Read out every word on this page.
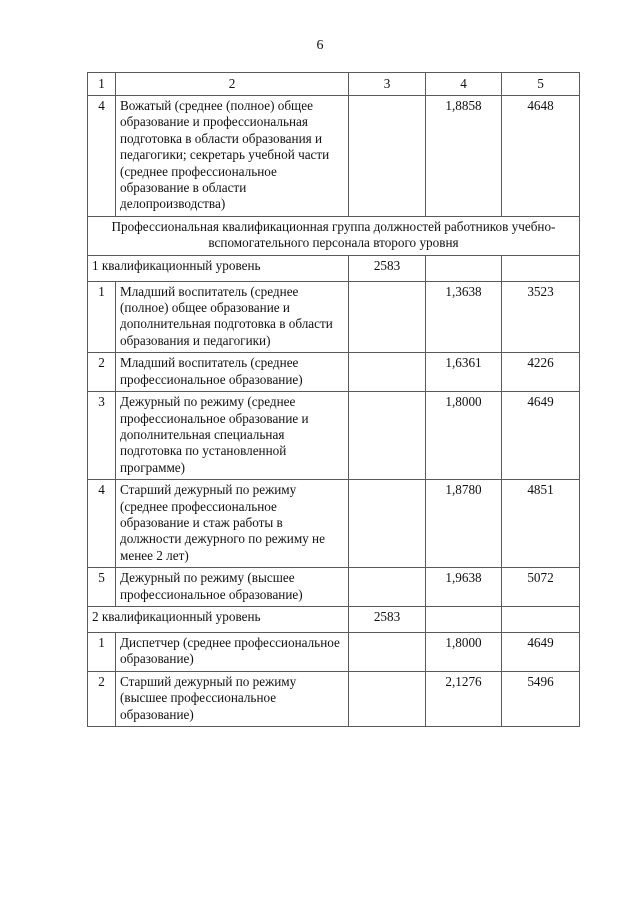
6
1	2	3	4	5
4	Вожатый (среднее (полное) общее образование и профессиональная подготовка в области образования и педагогики; секретарь учебной части (среднее профессиональное образование в области делопроизводства)		1,8858	4648
Профессиональная квалификационная группа должностей работников учебно-вспомогательного персонала второго уровня				
1 квалификационный уровень		2583		
1	Младший воспитатель (среднее (полное) общее образование и дополнительная подготовка в области образования и педагогики)		1,3638	3523
2	Младший воспитатель (среднее профессиональное образование)		1,6361	4226
3	Дежурный по режиму (среднее профессиональное образование и дополнительная специальная подготовка по установленной программе)		1,8000	4649
4	Старший дежурный по режиму (среднее профессиональное образование и стаж работы в должности дежурного по режиму не менее 2 лет)		1,8780	4851
5	Дежурный по режиму (высшее профессиональное образование)		1,9638	5072
2 квалификационный уровень		2583		
1	Диспетчер (среднее профессиональное образование)		1,8000	4649
2	Старший дежурный по режиму (высшее профессиональное образование)		2,1276	5496
